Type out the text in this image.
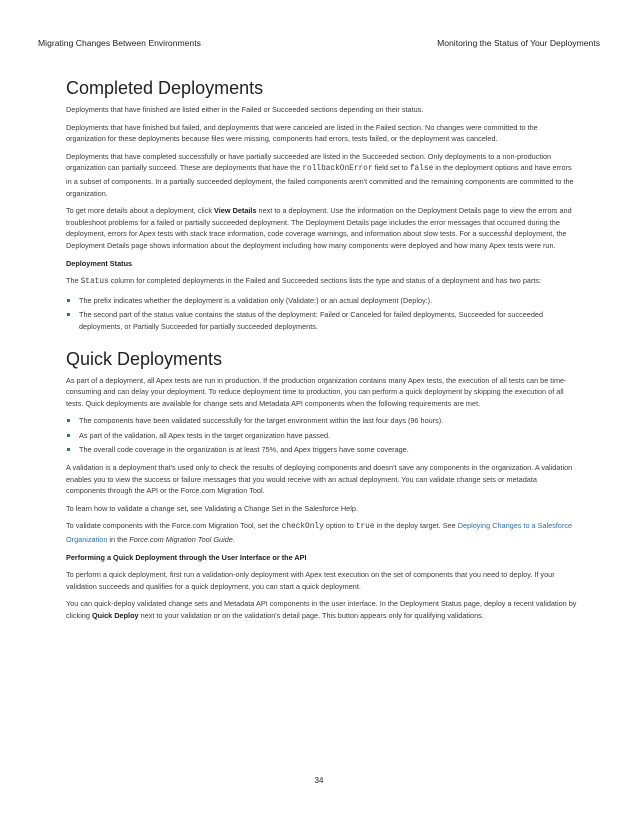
Migrating Changes Between Environments	Monitoring the Status of Your Deployments
Completed Deployments

Deployments that have finished are listed either in the Failed or Succeeded sections depending on their status.

Deployments that have finished but failed, and deployments that were canceled are listed in the Failed section. No changes were committed to the organization for these deployments because files were missing, components had errors, tests failed, or the deployment was canceled.

Deployments that have completed successfully or have partially succeeded are listed in the Succeeded section. Only deployments to a non-production organization can partially succeed. These are deployments that have the rollbackOnError field set to false in the deployment options and have errors in a subset of components. In a partially succeeded deployment, the failed components aren't committed and the remaining components are committed to the organization.

To get more details about a deployment, click View Details next to a deployment. Use the information on the Deployment Details page to view the errors and troubleshoot problems for a failed or partially succeeded deployment. The Deployment Details page includes the error messages that occurred during the deployment, errors for Apex tests with stack trace information, code coverage warnings, and information about slow tests. For a successful deployment, the Deployment Details page shows information about the deployment including how many components were deployed and how many Apex tests were run.

Deployment Status

The Status column for completed deployments in the Failed and Succeeded sections lists the type and status of a deployment and has two parts:

The prefix indicates whether the deployment is a validation only (Validate:) or an actual deployment (Deploy:).
The second part of the status value contains the status of the deployment: Failed or Canceled for failed deployments, Succeeded for succeeded deployments, or Partially Succeeded for partially succeeded deployments.
Quick Deployments

As part of a deployment, all Apex tests are run in production. If the production organization contains many Apex tests, the execution of all tests can be time-consuming and can delay your deployment. To reduce deployment time to production, you can perform a quick deployment by skipping the execution of all tests. Quick deployments are available for change sets and Metadata API components when the following requirements are met.

The components have been validated successfully for the target environment within the last four days (96 hours).
As part of the validation, all Apex tests in the target organization have passed.
The overall code coverage in the organization is at least 75%, and Apex triggers have some coverage.

A validation is a deployment that's used only to check the results of deploying components and doesn't save any components in the organization. A validation enables you to view the success or failure messages that you would receive with an actual deployment. You can validate change sets or metadata components through the API or the Force.com Migration Tool.

To learn how to validate a change set, see Validating a Change Set in the Salesforce Help.

To validate components with the Force.com Migration Tool, set the checkOnly option to true in the deploy target. See Deploying Changes to a Salesforce Organization in the Force.com Migration Tool Guide.

Performing a Quick Deployment through the User Interface or the API

To perform a quick deployment, first run a validation-only deployment with Apex test execution on the set of components that you need to deploy. If your validation succeeds and qualifies for a quick deployment, you can start a quick deployment.

You can quick-deploy validated change sets and Metadata API components in the user interface. In the Deployment Status page, deploy a recent validation by clicking Quick Deploy next to your validation or on the validation's detail page. This button appears only for qualifying validations.

34
